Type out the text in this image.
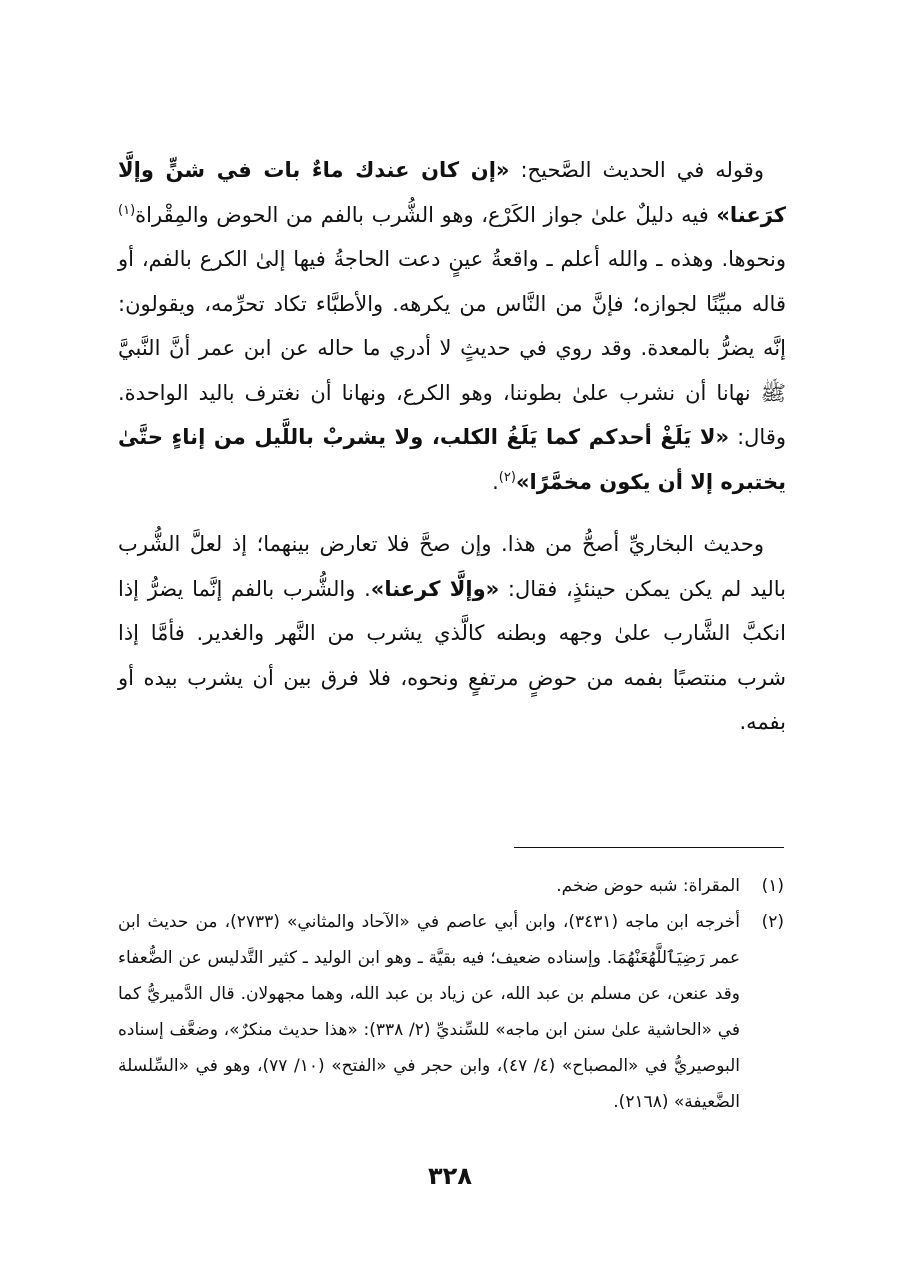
وقوله في الحديث الصَّحيح: «إن كان عندك ماءٌ بات في شنٍّ وإلَّا كرَعنا» فيه دليلٌ علىٰ جواز الكَرْع، وهو الشُّرب بالفم من الحوض والمِقْراة$^{(١)}$ ونحوها. وهذه ـ والله أعلم ـ واقعةُ عينٍ دعت الحاجةُ فيها إلىٰ الكرع بالفم، أو قاله مبيِّنًا لجوازه؛ فإنَّ من النَّاس من يكرهه. والأطبَّاء تكاد تحرِّمه، ويقولون: إنَّه يضرُّ بالمعدة. وقد روي في حديثٍ لا أدري ما حاله عن ابن عمر أنَّ النَّبيَّ ﷺ نهانا أن نشرب علىٰ بطوننا، وهو الكرع، ونهانا أن نغترف باليد الواحدة. وقال: «لا يَلَغْ أحدكم كما يَلَغُ الكلب، ولا يشربْ باللَّيل من إناءٍ حتَّىٰ يختبره إلا أن يكون مخمَّرًا»$^{(٢)}$.

وحديث البخاريِّ أصحُّ من هذا. وإن صحَّ فلا تعارض بينهما؛ إذ لعلَّ الشُّرب باليد لم يكن يمكن حينئذٍ، فقال: «وإلَّا كرعنا». والشُّرب بالفم إنَّما يضرُّ إذا انكبَّ الشَّارب علىٰ وجهه وبطنه كالَّذي يشرب من النَّهر والغدير. فأمَّا إذا شرب منتصبًا بفمه من حوضٍ مرتفعٍ ونحوه، فلا فرق بين أن يشرب بيده أو بفمه.

(١)
المقراة: شبه حوض ضخم.
(٢)
أخرجه ابن ماجه (٣٤٣١)، وابن أبي عاصم في «الآحاد والمثاني» (٢٧٣٣)، من حديث ابن عمر رَضِيَٱللَّهُعَنْهُمَا. وإسناده ضعيف؛ فيه بقيَّة ـ وهو ابن الوليد ـ كثير التَّدليس عن الضُّعفاء وقد عنعن، عن مسلم بن عبد الله، عن زياد بن عبد الله، وهما مجهولان. قال الدَّميريُّ كما في «الحاشية علىٰ سنن ابن ماجه» للسِّنديِّ (٢/ ٣٣٨): «هذا حديث منكرٌ»، وضعَّف إسناده البوصيريُّ في «المصباح» (٤/ ٤٧)، وابن حجر في «الفتح» (١٠/ ٧٧)، وهو في «السِّلسلة الضَّعيفة» (٢١٦٨).
٣٢٨
